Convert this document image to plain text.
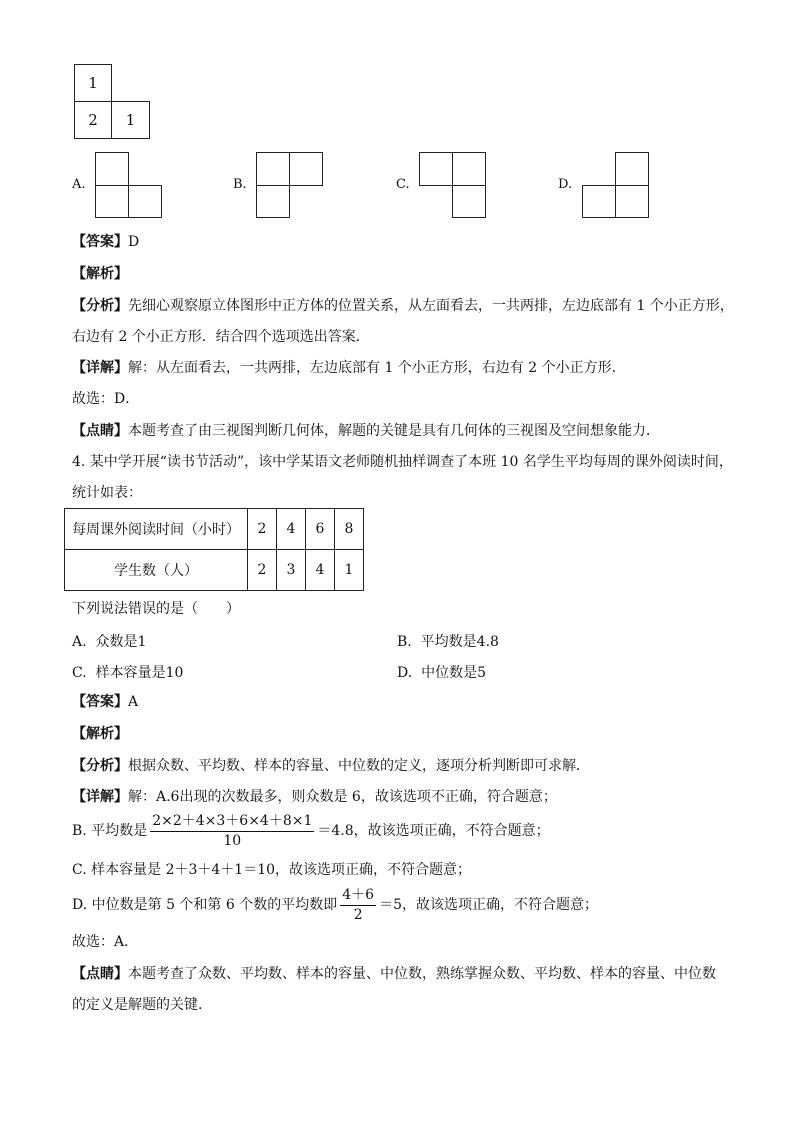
1
2	1
A.	B.	C.	D.
【答案】D
【解析】
【分析】先细心观察原立体图形中正方体的位置关系，从左面看去，一共两排，左边底部有 1 个小正方形，
右边有 2 个小正方形．结合四个选项选出答案．
【详解】解：从左面看去，一共两排，左边底部有 1 个小正方形，右边有 2 个小正方形．
故选：D．
【点睛】本题考查了由三视图判断几何体，解题的关键是具有几何体的三视图及空间想象能力．
4. 某中学开展“读书节活动”，该中学某语文老师随机抽样调查了本班 10 名学生平均每周的课外阅读时间，
统计如表：
每周课外阅读时间（小时）	2	4	6	8
学生数（人）	2	3	4	1
下列说法错误的是（　　）
A. 众数是1	B. 平均数是4.8
C. 样本容量是10	D. 中位数是5
【答案】A
【解析】
【分析】根据众数、平均数、样本的容量、中位数的定义，逐项分析判断即可求解．
【详解】解：A.6出现的次数最多，则众数是 6，故该选项不正确，符合题意；
B. 平均数是 $\frac{2\times 2+4\times 3+6\times 4+8\times 1}{10} =4.8$，故该选项正确，不符合题意；
C. 样本容量是 2＋3＋4＋1＝10，故该选项正确，不符合题意；
D. 中位数是第 5 个和第 6 个数的平均数即 $\frac{4+6}{2} =5$，故该选项正确，不符合题意；
故选：A．
【点睛】本题考查了众数、平均数、样本的容量、中位数，熟练掌握众数、平均数、样本的容量、中位数
的定义是解题的关键．
